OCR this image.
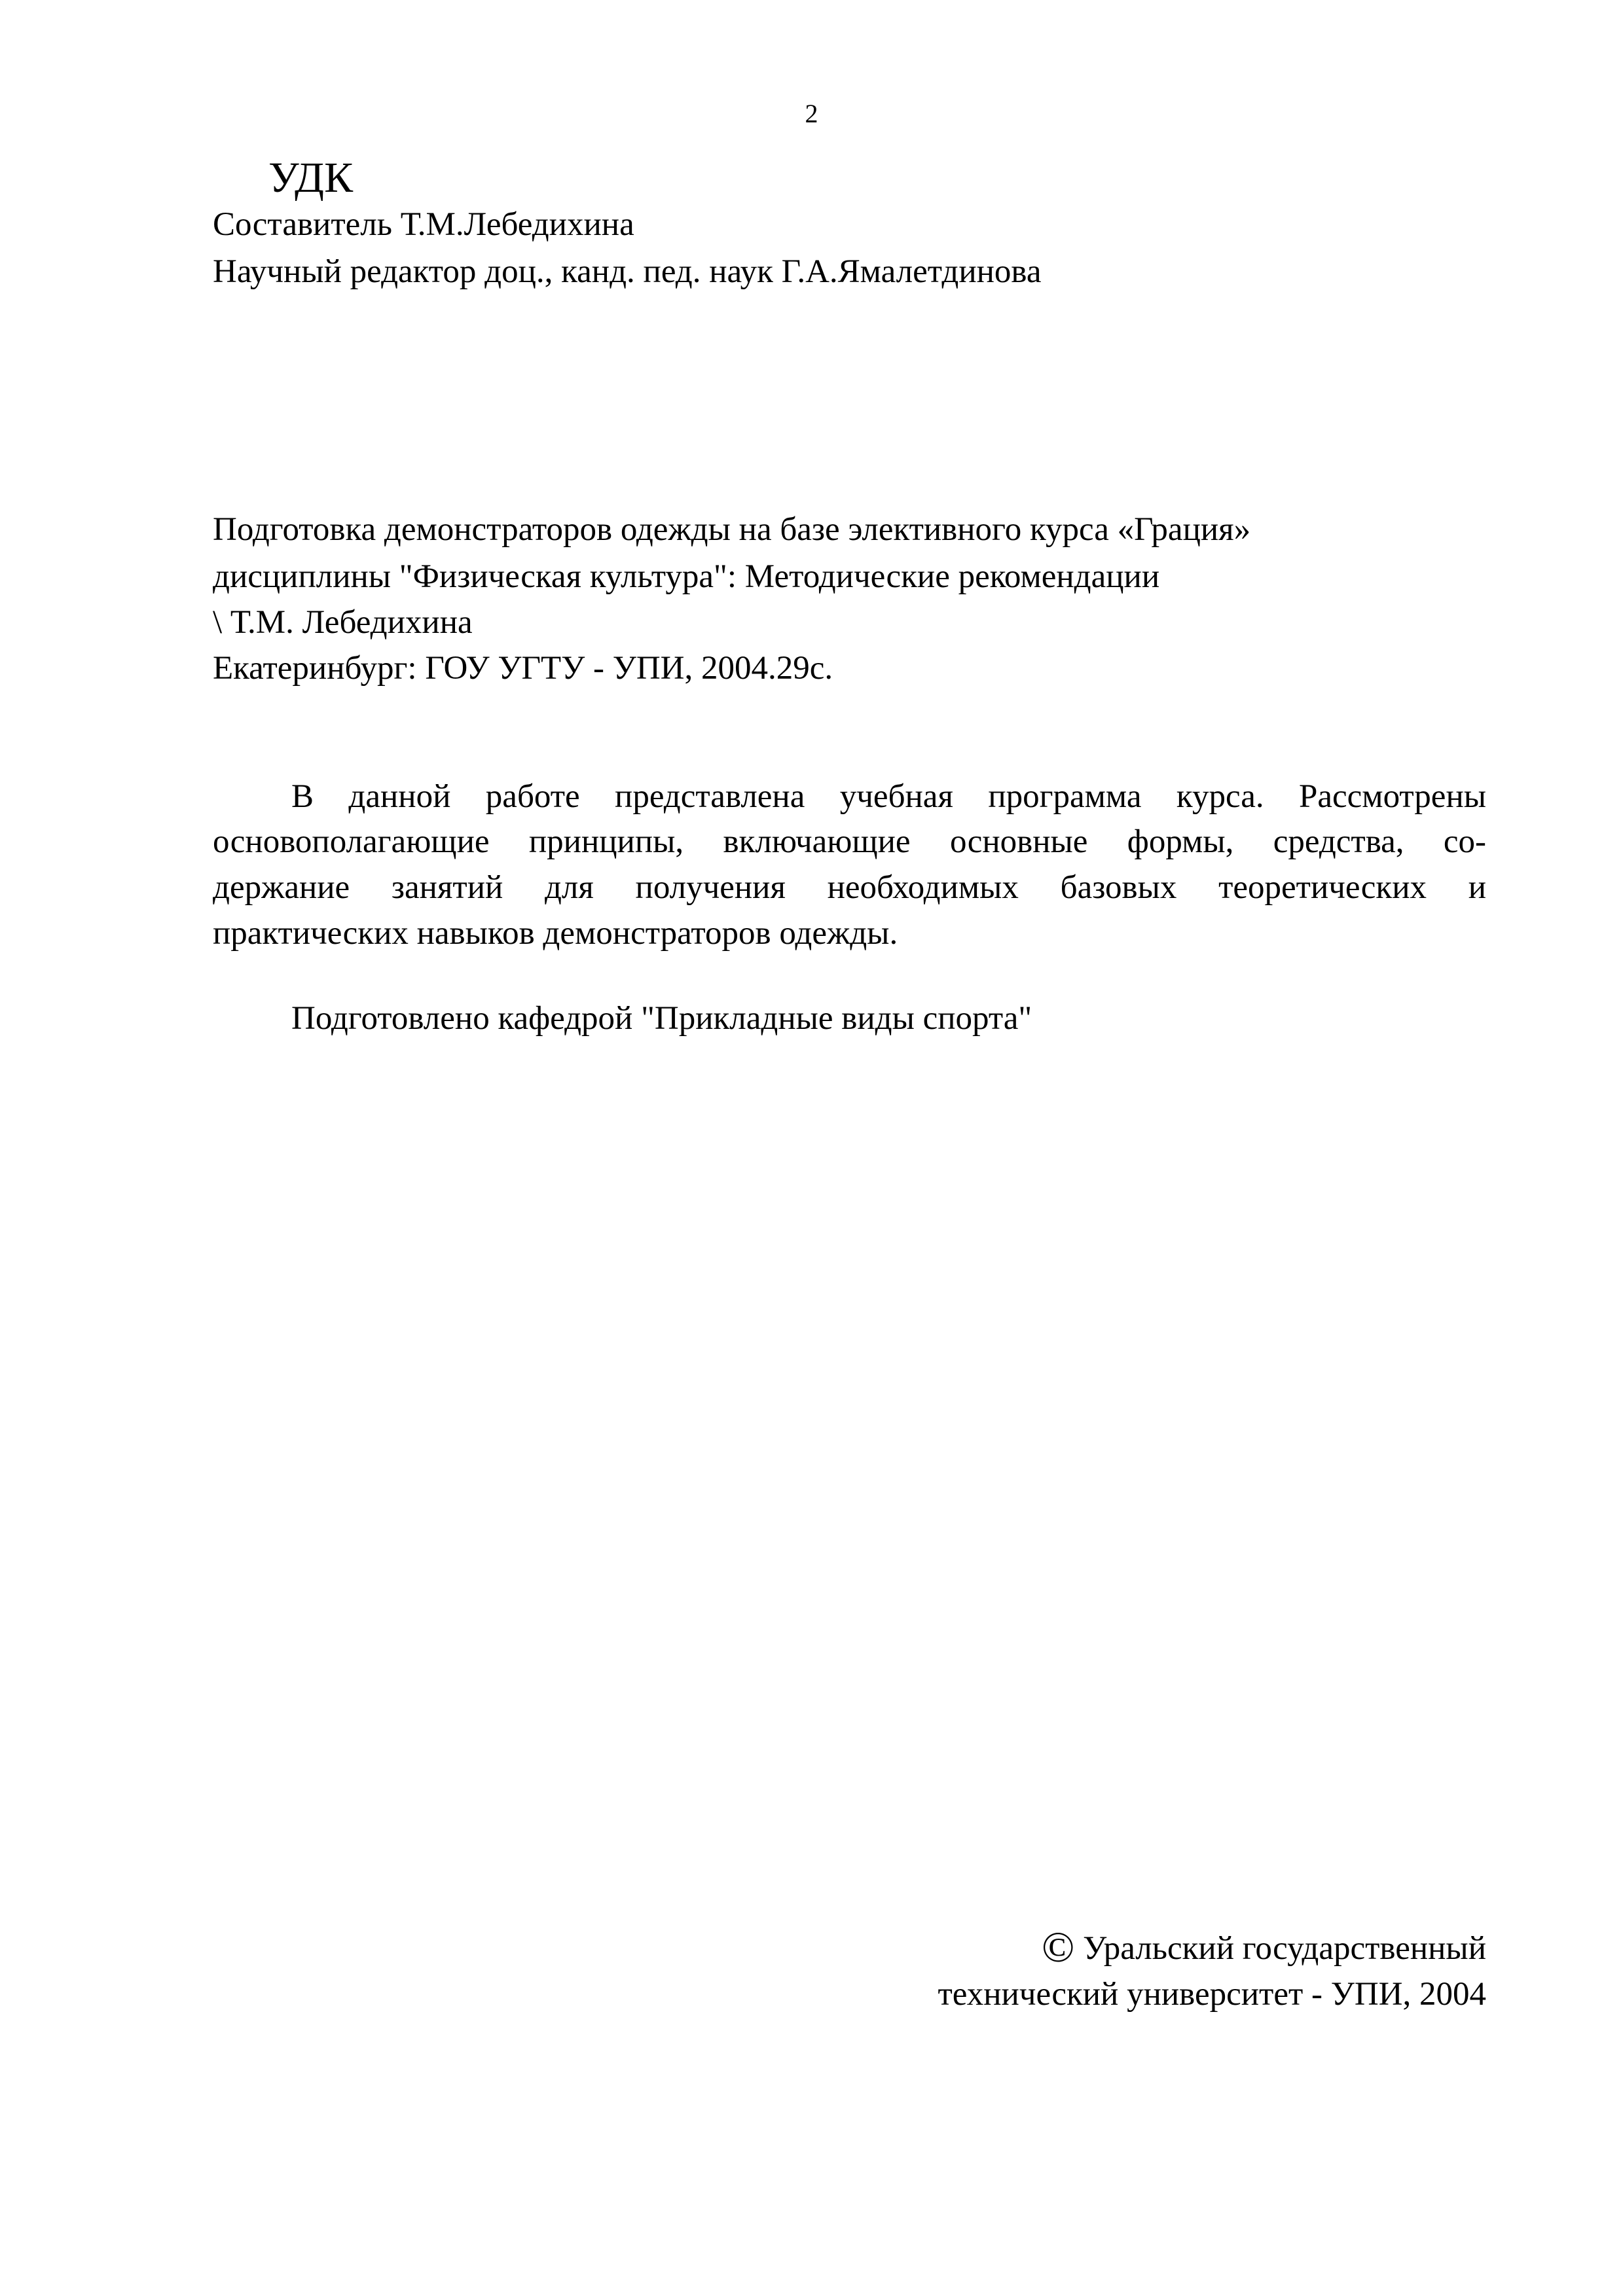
2
УДК
Составитель Т.М.Лебедихина
Научный редактор доц., канд. пед. наук Г.А.Ямалетдинова
Подготовка демонстраторов одежды на базе элективного курса «Грация»
дисциплины "Физическая культура": Методические рекомендации
\ Т.М. Лебедихина
Екатеринбург: ГОУ УГТУ - УПИ, 2004.29с.
В данной работе представлена учебная программа курса. Рассмотрены
основополагающие принципы, включающие основные формы, средства, со-
держание занятий для получения необходимых базовых теоретических и
практических навыков демонстраторов одежды.
Подготовлено кафедрой "Прикладные виды спорта"
© Уральский государственный
технический университет - УПИ, 2004
